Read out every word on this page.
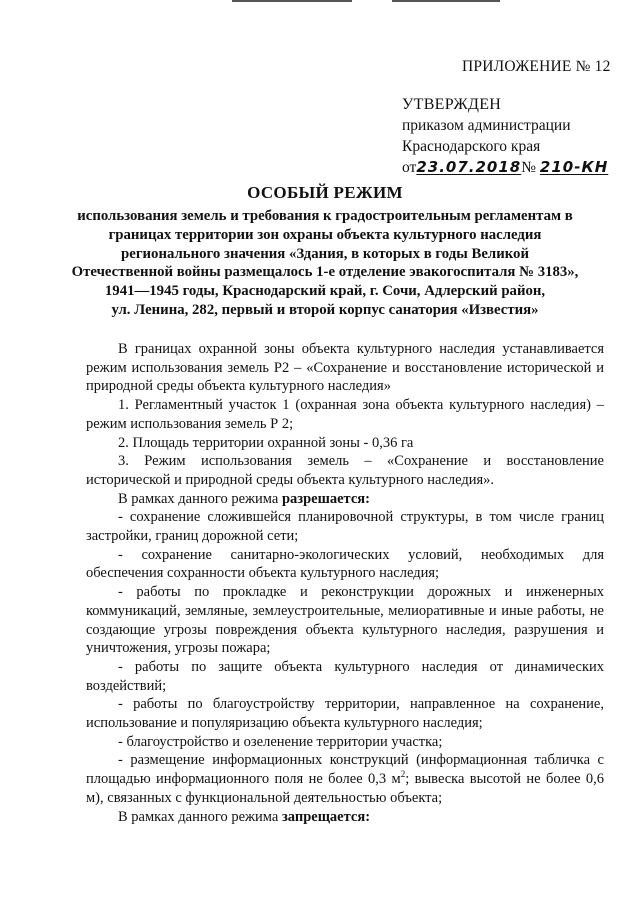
ПРИЛОЖЕНИЕ № 12
УТВЕРЖДЕН
приказом администрации
Краснодарского края
от23.07.2018№ 210-КН
ОСОБЫЙ РЕЖИМ
использования земель и требования к градостроительным регламентам в
границах территории зон охраны объекта культурного наследия
регионального значения «Здания, в которых в годы Великой
Отечественной войны размещалось 1-е отделение эвакогоспиталя № 3183»,
1941—1945 годы, Краснодарский край, г. Сочи, Адлерский район,
ул. Ленина, 282, первый и второй корпус санатория «Известия»

В границах охранной зоны объекта культурного наследия устанавливается режим использования земель Р2 – «Сохранение и восстановление исторической и природной среды объекта культурного наследия»

1. Регламентный участок 1 (охранная зона объекта культурного наследия) – режим использования земель Р 2;

2. Площадь территории охранной зоны - 0,36 га

3. Режим использования земель – «Сохранение и восстановление исторической и природной среды объекта культурного наследия».

В рамках данного режима разрешается:

- сохранение сложившейся планировочной структуры, в том числе границ застройки, границ дорожной сети;

- сохранение санитарно-экологических условий, необходимых для обеспечения сохранности объекта культурного наследия;

- работы по прокладке и реконструкции дорожных и инженерных коммуникаций, земляные, землеустроительные, мелиоративные и иные работы, не создающие угрозы повреждения объекта культурного наследия, разрушения и уничтожения, угрозы пожара;

- работы по защите объекта культурного наследия от динамических воздействий;

- работы по благоустройству территории, направленное на сохранение, использование и популяризацию объекта культурного наследия;

- благоустройство и озеленение территории участка;

- размещение информационных конструкций (информационная табличка с площадью информационного поля не более 0,3 $м^2$; вывеска высотой не более 0,6 м), связанных с функциональной деятельностью объекта;

В рамках данного режима запрещается:
